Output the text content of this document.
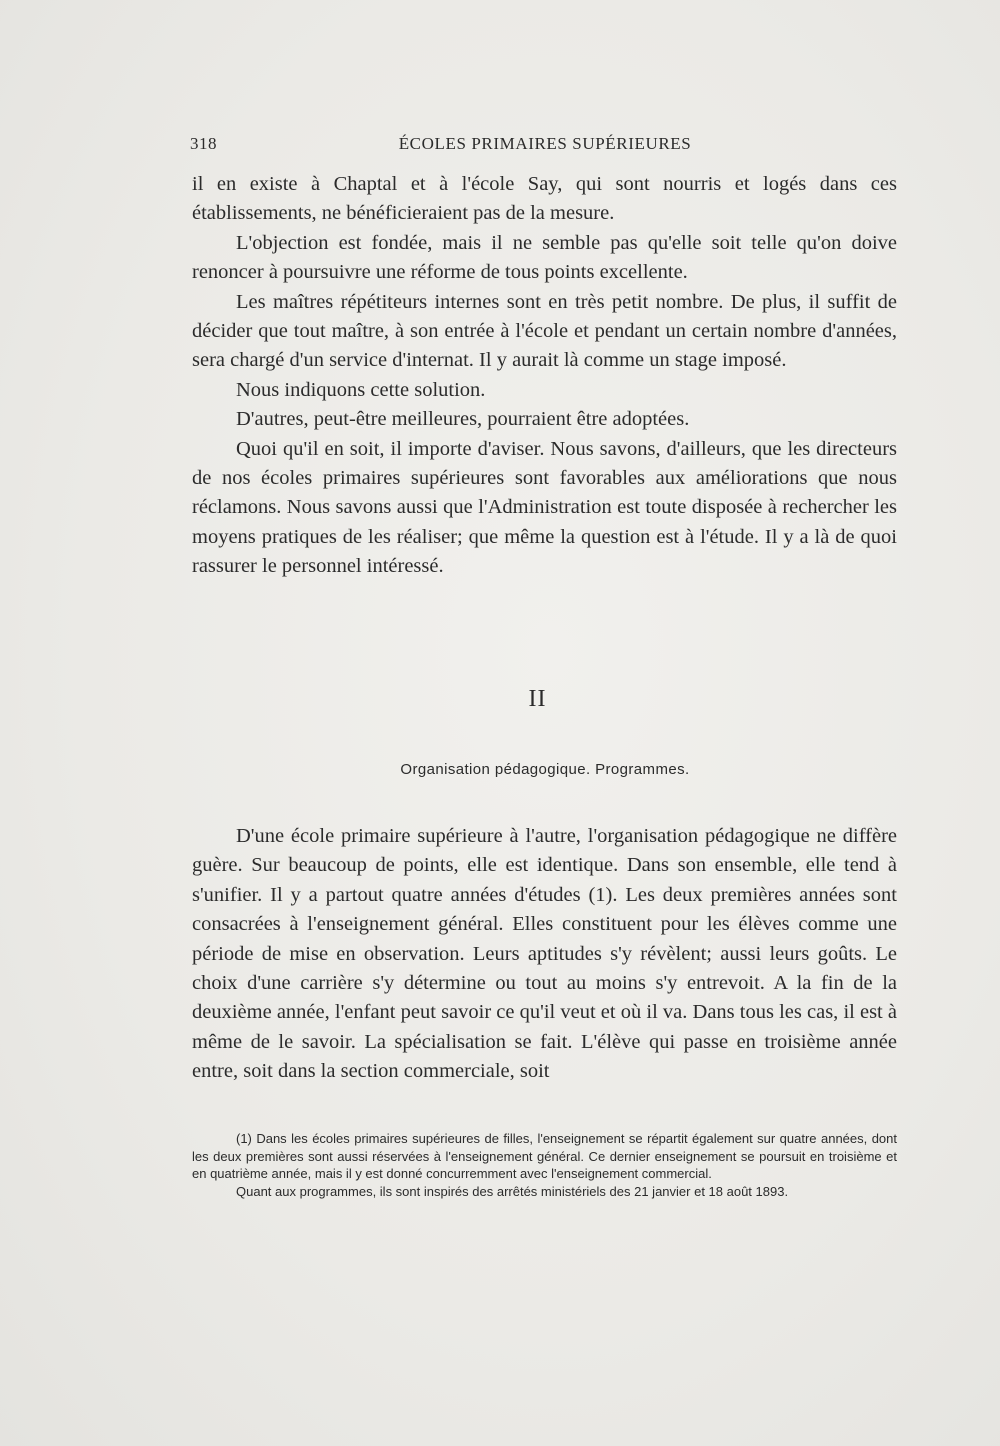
318	ÉCOLES PRIMAIRES SUPÉRIEURES

il en existe à Chaptal et à l'école Say, qui sont nourris et logés dans ces établissements, ne bénéficieraient pas de la mesure.

L'objection est fondée, mais il ne semble pas qu'elle soit telle qu'on doive renoncer à poursuivre une réforme de tous points excellente.

Les maîtres répétiteurs internes sont en très petit nombre. De plus, il suffit de décider que tout maître, à son entrée à l'école et pendant un certain nombre d'années, sera chargé d'un service d'internat. Il y aurait là comme un stage imposé.

Nous indiquons cette solution.

D'autres, peut-être meilleures, pourraient être adoptées.

Quoi qu'il en soit, il importe d'aviser. Nous savons, d'ailleurs, que les directeurs de nos écoles primaires supérieures sont favorables aux améliorations que nous réclamons. Nous savons aussi que l'Administration est toute disposée à rechercher les moyens pratiques de les réaliser; que même la question est à l'étude. Il y a là de quoi rassurer le personnel intéressé.

II
Organisation pédagogique. Programmes.

D'une école primaire supérieure à l'autre, l'organisation pédagogique ne diffère guère. Sur beaucoup de points, elle est identique. Dans son ensemble, elle tend à s'unifier. Il y a partout quatre années d'études (1). Les deux premières années sont consacrées à l'enseignement général. Elles constituent pour les élèves comme une période de mise en observation. Leurs aptitudes s'y révèlent; aussi leurs goûts. Le choix d'une carrière s'y détermine ou tout au moins s'y entrevoit. A la fin de la deuxième année, l'enfant peut savoir ce qu'il veut et où il va. Dans tous les cas, il est à même de le savoir. La spécialisation se fait. L'élève qui passe en troisième année entre, soit dans la section commerciale, soit

(1) Dans les écoles primaires supérieures de filles, l'enseignement se répartit également sur quatre années, dont les deux premières sont aussi réservées à l'enseignement général. Ce dernier enseignement se poursuit en troisième et en quatrième année, mais il y est donné concurremment avec l'enseignement commercial.

Quant aux programmes, ils sont inspirés des arrêtés ministériels des 21 janvier et 18 août 1893.
